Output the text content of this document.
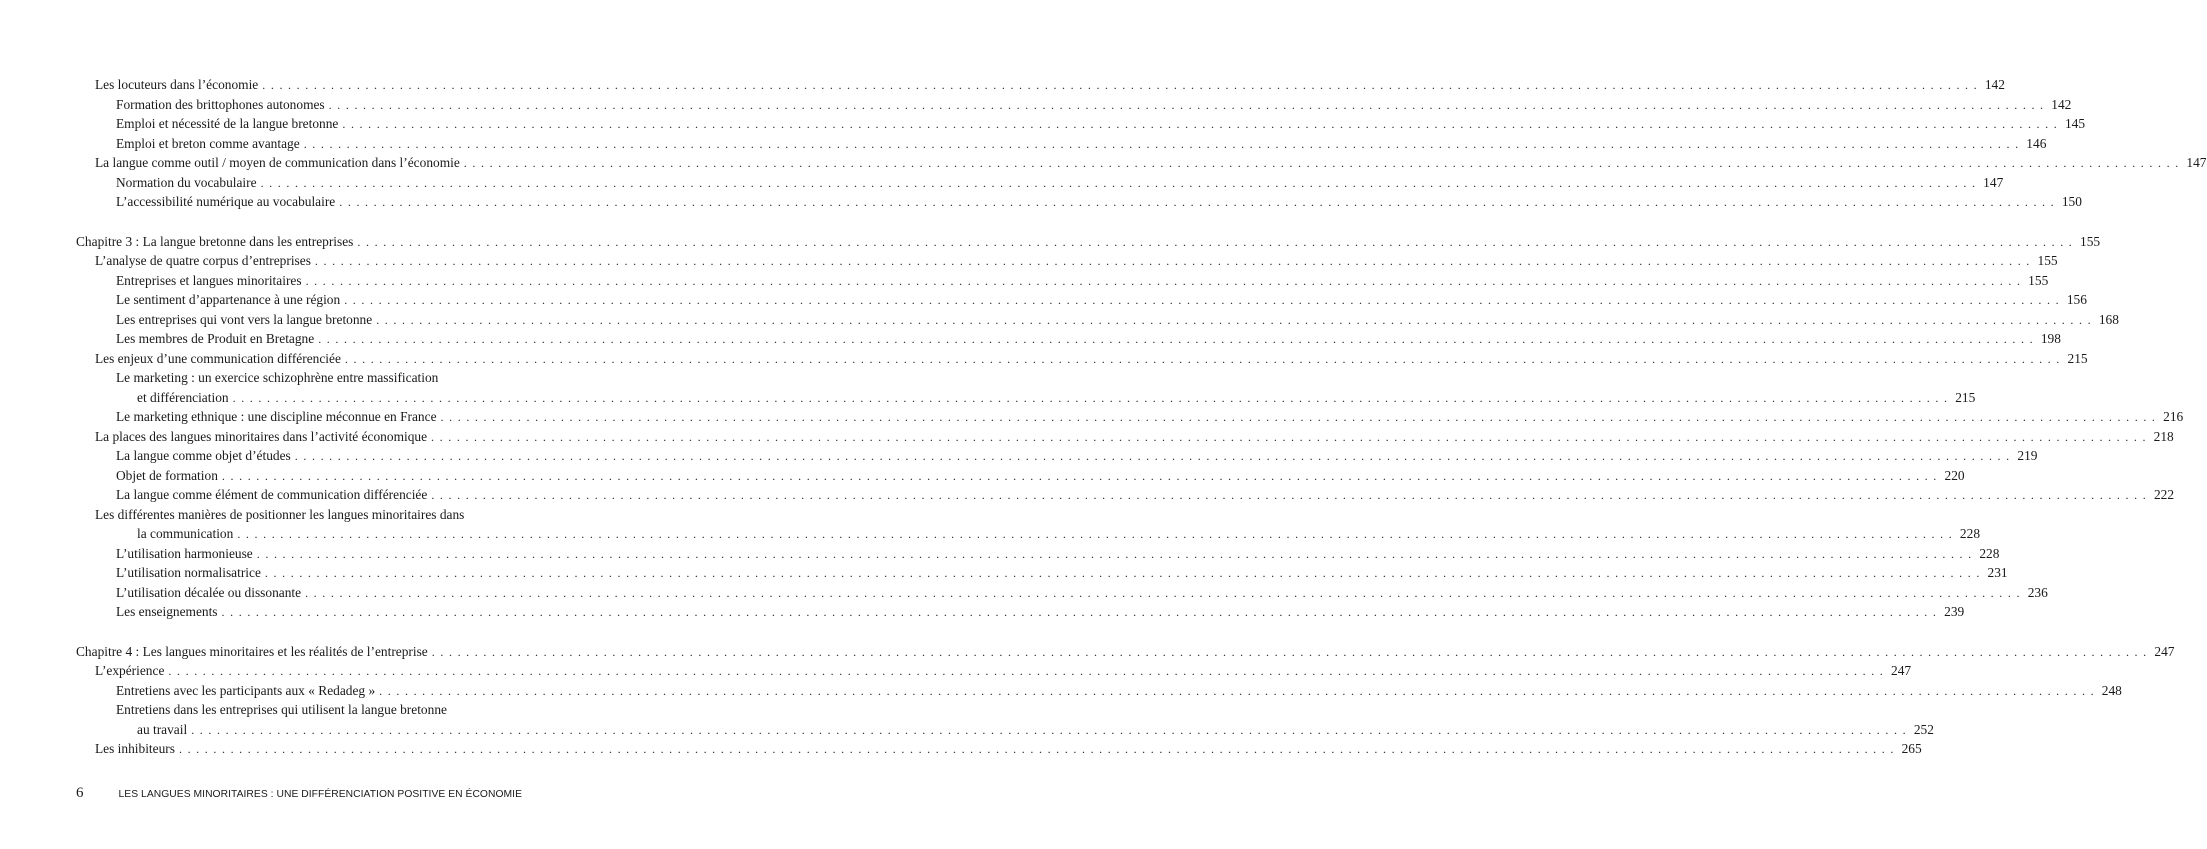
Les locuteurs dans l’économie . . . . . . . . . . . . . . . . . . . . . . . . . . . . . . . . . . . . . . . . . . . . . . . . . . . . . . . . . . . . . . . . . . . . . . . . . . . . . . . . . . . . . . . . . . . . . . . . . . . . . . . . . . . . . . . . . . . . . . . . . . . . . . . . . . . . . . . . . . . . . . . . . . . . . . . . . . . . . . . . . . . . . . . . . . . . . . . . . . . . . . . . . . . . . . . . . . . . . . . . 142
Formation des brittophones autonomes . . . . . . . . . . . . . . . . . . . . . . . . . . . . . . . . . . . . . . . . . . . . . . . . . . . . . . . . . . . . . . . . . . . . . . . . . . . . . . . . . . . . . . . . . . . . . . . . . . . . . . . . . . . . . . . . . . . . . . . . . . . . . . . . . . . . . . . . . . . . . . . . . . . . . . . . . . . . . . . . . . . . . . . . . . . . . . . . . . . . . . . . . . . . . . . . . . . . . . . . 142
Emploi et nécessité de la langue bretonne . . . . . . . . . . . . . . . . . . . . . . . . . . . . . . . . . . . . . . . . . . . . . . . . . . . . . . . . . . . . . . . . . . . . . . . . . . . . . . . . . . . . . . . . . . . . . . . . . . . . . . . . . . . . . . . . . . . . . . . . . . . . . . . . . . . . . . . . . . . . . . . . . . . . . . . . . . . . . . . . . . . . . . . . . . . . . . . . . . . . . . . . . . . . . . . . . . . . . . . . 145
Emploi et breton comme avantage . . . . . . . . . . . . . . . . . . . . . . . . . . . . . . . . . . . . . . . . . . . . . . . . . . . . . . . . . . . . . . . . . . . . . . . . . . . . . . . . . . . . . . . . . . . . . . . . . . . . . . . . . . . . . . . . . . . . . . . . . . . . . . . . . . . . . . . . . . . . . . . . . . . . . . . . . . . . . . . . . . . . . . . . . . . . . . . . . . . . . . . . . . . . . . . . . . . . . . . . 146
La langue comme outil / moyen de communication dans l’économie . . . . . . . . . . . . . . . . . . . . . . . . . . . . . . . . . . . . . . . . . . . . . . . . . . . . . . . . . . . . . . . . . . . . . . . . . . . . . . . . . . . . . . . . . . . . . . . . . . . . . . . . . . . . . . . . . . . . . . . . . . . . . . . . . . . . . . . . . . . . . . . . . . . . . . . . . . . . . . . . . . . . . . . . . . . . . . . . . . . . . . . . . . . . . . . . . . . . . . . . 147
Normation du vocabulaire . . . . . . . . . . . . . . . . . . . . . . . . . . . . . . . . . . . . . . . . . . . . . . . . . . . . . . . . . . . . . . . . . . . . . . . . . . . . . . . . . . . . . . . . . . . . . . . . . . . . . . . . . . . . . . . . . . . . . . . . . . . . . . . . . . . . . . . . . . . . . . . . . . . . . . . . . . . . . . . . . . . . . . . . . . . . . . . . . . . . . . . . . . . . . . . . . . . . . . . . 147
L’accessibilité numérique au vocabulaire . . . . . . . . . . . . . . . . . . . . . . . . . . . . . . . . . . . . . . . . . . . . . . . . . . . . . . . . . . . . . . . . . . . . . . . . . . . . . . . . . . . . . . . . . . . . . . . . . . . . . . . . . . . . . . . . . . . . . . . . . . . . . . . . . . . . . . . . . . . . . . . . . . . . . . . . . . . . . . . . . . . . . . . . . . . . . . . . . . . . . . . . . . . . . . . . . . . . . . . . 150
Chapitre 3 : La langue bretonne dans les entreprises . . . . . . . . . . . . . . . . . . . . . . . . . . . . . . . . . . . . . . . . . . . . . . . . . . . . . . . . . . . . . . . . . . . . . . . . . . . . . . . . . . . . . . . . . . . . . . . . . . . . . . . . . . . . . . . . . . . . . . . . . . . . . . . . . . . . . . . . . . . . . . . . . . . . . . . . . . . . . . . . . . . . . . . . . . . . . . . . . . . . . . . . . . . . . . . . . . . . . . . . 155
L’analyse de quatre corpus d’entreprises . . . . . . . . . . . . . . . . . . . . . . . . . . . . . . . . . . . . . . . . . . . . . . . . . . . . . . . . . . . . . . . . . . . . . . . . . . . . . . . . . . . . . . . . . . . . . . . . . . . . . . . . . . . . . . . . . . . . . . . . . . . . . . . . . . . . . . . . . . . . . . . . . . . . . . . . . . . . . . . . . . . . . . . . . . . . . . . . . . . . . . . . . . . . . . . . . . . . . . . . 155
Entreprises et langues minoritaires . . . . . . . . . . . . . . . . . . . . . . . . . . . . . . . . . . . . . . . . . . . . . . . . . . . . . . . . . . . . . . . . . . . . . . . . . . . . . . . . . . . . . . . . . . . . . . . . . . . . . . . . . . . . . . . . . . . . . . . . . . . . . . . . . . . . . . . . . . . . . . . . . . . . . . . . . . . . . . . . . . . . . . . . . . . . . . . . . . . . . . . . . . . . . . . . . . . . . . . . 155
Le sentiment d’appartenance à une région . . . . . . . . . . . . . . . . . . . . . . . . . . . . . . . . . . . . . . . . . . . . . . . . . . . . . . . . . . . . . . . . . . . . . . . . . . . . . . . . . . . . . . . . . . . . . . . . . . . . . . . . . . . . . . . . . . . . . . . . . . . . . . . . . . . . . . . . . . . . . . . . . . . . . . . . . . . . . . . . . . . . . . . . . . . . . . . . . . . . . . . . . . . . . . . . . . . . . . . . 156
Les entreprises qui vont vers la langue bretonne . . . . . . . . . . . . . . . . . . . . . . . . . . . . . . . . . . . . . . . . . . . . . . . . . . . . . . . . . . . . . . . . . . . . . . . . . . . . . . . . . . . . . . . . . . . . . . . . . . . . . . . . . . . . . . . . . . . . . . . . . . . . . . . . . . . . . . . . . . . . . . . . . . . . . . . . . . . . . . . . . . . . . . . . . . . . . . . . . . . . . . . . . . . . . . . . . . . . . . . . 168
Les membres de Produit en Bretagne . . . . . . . . . . . . . . . . . . . . . . . . . . . . . . . . . . . . . . . . . . . . . . . . . . . . . . . . . . . . . . . . . . . . . . . . . . . . . . . . . . . . . . . . . . . . . . . . . . . . . . . . . . . . . . . . . . . . . . . . . . . . . . . . . . . . . . . . . . . . . . . . . . . . . . . . . . . . . . . . . . . . . . . . . . . . . . . . . . . . . . . . . . . . . . . . . . . . . . . . 198
Les enjeux d’une communication différenciée . . . . . . . . . . . . . . . . . . . . . . . . . . . . . . . . . . . . . . . . . . . . . . . . . . . . . . . . . . . . . . . . . . . . . . . . . . . . . . . . . . . . . . . . . . . . . . . . . . . . . . . . . . . . . . . . . . . . . . . . . . . . . . . . . . . . . . . . . . . . . . . . . . . . . . . . . . . . . . . . . . . . . . . . . . . . . . . . . . . . . . . . . . . . . . . . . . . . . . . . 215
Le marketing : un exercice schizophrène entre massification
et différenciation . . . . . . . . . . . . . . . . . . . . . . . . . . . . . . . . . . . . . . . . . . . . . . . . . . . . . . . . . . . . . . . . . . . . . . . . . . . . . . . . . . . . . . . . . . . . . . . . . . . . . . . . . . . . . . . . . . . . . . . . . . . . . . . . . . . . . . . . . . . . . . . . . . . . . . . . . . . . . . . . . . . . . . . . . . . . . . . . . . . . . . . . . . . . . . . . . . . . . . . . 215
Le marketing ethnique : une discipline méconnue en France . . . . . . . . . . . . . . . . . . . . . . . . . . . . . . . . . . . . . . . . . . . . . . . . . . . . . . . . . . . . . . . . . . . . . . . . . . . . . . . . . . . . . . . . . . . . . . . . . . . . . . . . . . . . . . . . . . . . . . . . . . . . . . . . . . . . . . . . . . . . . . . . . . . . . . . . . . . . . . . . . . . . . . . . . . . . . . . . . . . . . . . . . . . . . . . . . . . . . . . . 216
La places des langues minoritaires dans l’activité économique . . . . . . . . . . . . . . . . . . . . . . . . . . . . . . . . . . . . . . . . . . . . . . . . . . . . . . . . . . . . . . . . . . . . . . . . . . . . . . . . . . . . . . . . . . . . . . . . . . . . . . . . . . . . . . . . . . . . . . . . . . . . . . . . . . . . . . . . . . . . . . . . . . . . . . . . . . . . . . . . . . . . . . . . . . . . . . . . . . . . . . . . . . . . . . . . . . . . . . . . 218
La langue comme objet d’études . . . . . . . . . . . . . . . . . . . . . . . . . . . . . . . . . . . . . . . . . . . . . . . . . . . . . . . . . . . . . . . . . . . . . . . . . . . . . . . . . . . . . . . . . . . . . . . . . . . . . . . . . . . . . . . . . . . . . . . . . . . . . . . . . . . . . . . . . . . . . . . . . . . . . . . . . . . . . . . . . . . . . . . . . . . . . . . . . . . . . . . . . . . . . . . . . . . . . . . . 219
Objet de formation . . . . . . . . . . . . . . . . . . . . . . . . . . . . . . . . . . . . . . . . . . . . . . . . . . . . . . . . . . . . . . . . . . . . . . . . . . . . . . . . . . . . . . . . . . . . . . . . . . . . . . . . . . . . . . . . . . . . . . . . . . . . . . . . . . . . . . . . . . . . . . . . . . . . . . . . . . . . . . . . . . . . . . . . . . . . . . . . . . . . . . . . . . . . . . . . . . . . . . . . 220
La langue comme élément de communication différenciée . . . . . . . . . . . . . . . . . . . . . . . . . . . . . . . . . . . . . . . . . . . . . . . . . . . . . . . . . . . . . . . . . . . . . . . . . . . . . . . . . . . . . . . . . . . . . . . . . . . . . . . . . . . . . . . . . . . . . . . . . . . . . . . . . . . . . . . . . . . . . . . . . . . . . . . . . . . . . . . . . . . . . . . . . . . . . . . . . . . . . . . . . . . . . . . . . . . . . . . . 222
Les différentes manières de positionner les langues minoritaires dans
la communication . . . . . . . . . . . . . . . . . . . . . . . . . . . . . . . . . . . . . . . . . . . . . . . . . . . . . . . . . . . . . . . . . . . . . . . . . . . . . . . . . . . . . . . . . . . . . . . . . . . . . . . . . . . . . . . . . . . . . . . . . . . . . . . . . . . . . . . . . . . . . . . . . . . . . . . . . . . . . . . . . . . . . . . . . . . . . . . . . . . . . . . . . . . . . . . . . . . . . . . . 228
L’utilisation harmonieuse . . . . . . . . . . . . . . . . . . . . . . . . . . . . . . . . . . . . . . . . . . . . . . . . . . . . . . . . . . . . . . . . . . . . . . . . . . . . . . . . . . . . . . . . . . . . . . . . . . . . . . . . . . . . . . . . . . . . . . . . . . . . . . . . . . . . . . . . . . . . . . . . . . . . . . . . . . . . . . . . . . . . . . . . . . . . . . . . . . . . . . . . . . . . . . . . . . . . . . . . 228
L’utilisation normalisatrice . . . . . . . . . . . . . . . . . . . . . . . . . . . . . . . . . . . . . . . . . . . . . . . . . . . . . . . . . . . . . . . . . . . . . . . . . . . . . . . . . . . . . . . . . . . . . . . . . . . . . . . . . . . . . . . . . . . . . . . . . . . . . . . . . . . . . . . . . . . . . . . . . . . . . . . . . . . . . . . . . . . . . . . . . . . . . . . . . . . . . . . . . . . . . . . . . . . . . . . . 231
L’utilisation décalée ou dissonante . . . . . . . . . . . . . . . . . . . . . . . . . . . . . . . . . . . . . . . . . . . . . . . . . . . . . . . . . . . . . . . . . . . . . . . . . . . . . . . . . . . . . . . . . . . . . . . . . . . . . . . . . . . . . . . . . . . . . . . . . . . . . . . . . . . . . . . . . . . . . . . . . . . . . . . . . . . . . . . . . . . . . . . . . . . . . . . . . . . . . . . . . . . . . . . . . . . . . . . . 236
Les enseignements . . . . . . . . . . . . . . . . . . . . . . . . . . . . . . . . . . . . . . . . . . . . . . . . . . . . . . . . . . . . . . . . . . . . . . . . . . . . . . . . . . . . . . . . . . . . . . . . . . . . . . . . . . . . . . . . . . . . . . . . . . . . . . . . . . . . . . . . . . . . . . . . . . . . . . . . . . . . . . . . . . . . . . . . . . . . . . . . . . . . . . . . . . . . . . . . . . . . . . . . 239
Chapitre 4 : Les langues minoritaires et les réalités de l’entreprise . . . . . . . . . . . . . . . . . . . . . . . . . . . . . . . . . . . . . . . . . . . . . . . . . . . . . . . . . . . . . . . . . . . . . . . . . . . . . . . . . . . . . . . . . . . . . . . . . . . . . . . . . . . . . . . . . . . . . . . . . . . . . . . . . . . . . . . . . . . . . . . . . . . . . . . . . . . . . . . . . . . . . . . . . . . . . . . . . . . . . . . . . . . . . . . . . . . . . . . . 247
L’expérience . . . . . . . . . . . . . . . . . . . . . . . . . . . . . . . . . . . . . . . . . . . . . . . . . . . . . . . . . . . . . . . . . . . . . . . . . . . . . . . . . . . . . . . . . . . . . . . . . . . . . . . . . . . . . . . . . . . . . . . . . . . . . . . . . . . . . . . . . . . . . . . . . . . . . . . . . . . . . . . . . . . . . . . . . . . . . . . . . . . . . . . . . . . . . . . . . . . . . . . . 247
Entretiens avec les participants aux « Redadeg » . . . . . . . . . . . . . . . . . . . . . . . . . . . . . . . . . . . . . . . . . . . . . . . . . . . . . . . . . . . . . . . . . . . . . . . . . . . . . . . . . . . . . . . . . . . . . . . . . . . . . . . . . . . . . . . . . . . . . . . . . . . . . . . . . . . . . . . . . . . . . . . . . . . . . . . . . . . . . . . . . . . . . . . . . . . . . . . . . . . . . . . . . . . . . . . . . . . . . . . . 248
Entretiens dans les entreprises qui utilisent la langue bretonne
au travail . . . . . . . . . . . . . . . . . . . . . . . . . . . . . . . . . . . . . . . . . . . . . . . . . . . . . . . . . . . . . . . . . . . . . . . . . . . . . . . . . . . . . . . . . . . . . . . . . . . . . . . . . . . . . . . . . . . . . . . . . . . . . . . . . . . . . . . . . . . . . . . . . . . . . . . . . . . . . . . . . . . . . . . . . . . . . . . . . . . . . . . . . . . . . . . . . . . . . . . . 252
Les inhibiteurs . . . . . . . . . . . . . . . . . . . . . . . . . . . . . . . . . . . . . . . . . . . . . . . . . . . . . . . . . . . . . . . . . . . . . . . . . . . . . . . . . . . . . . . . . . . . . . . . . . . . . . . . . . . . . . . . . . . . . . . . . . . . . . . . . . . . . . . . . . . . . . . . . . . . . . . . . . . . . . . . . . . . . . . . . . . . . . . . . . . . . . . . . . . . . . . . . . . . . . . . 265
6	LES LANGUES MINORITAIRES : UNE DIFFÉRENCIATION POSITIVE EN ÉCONOMIE
